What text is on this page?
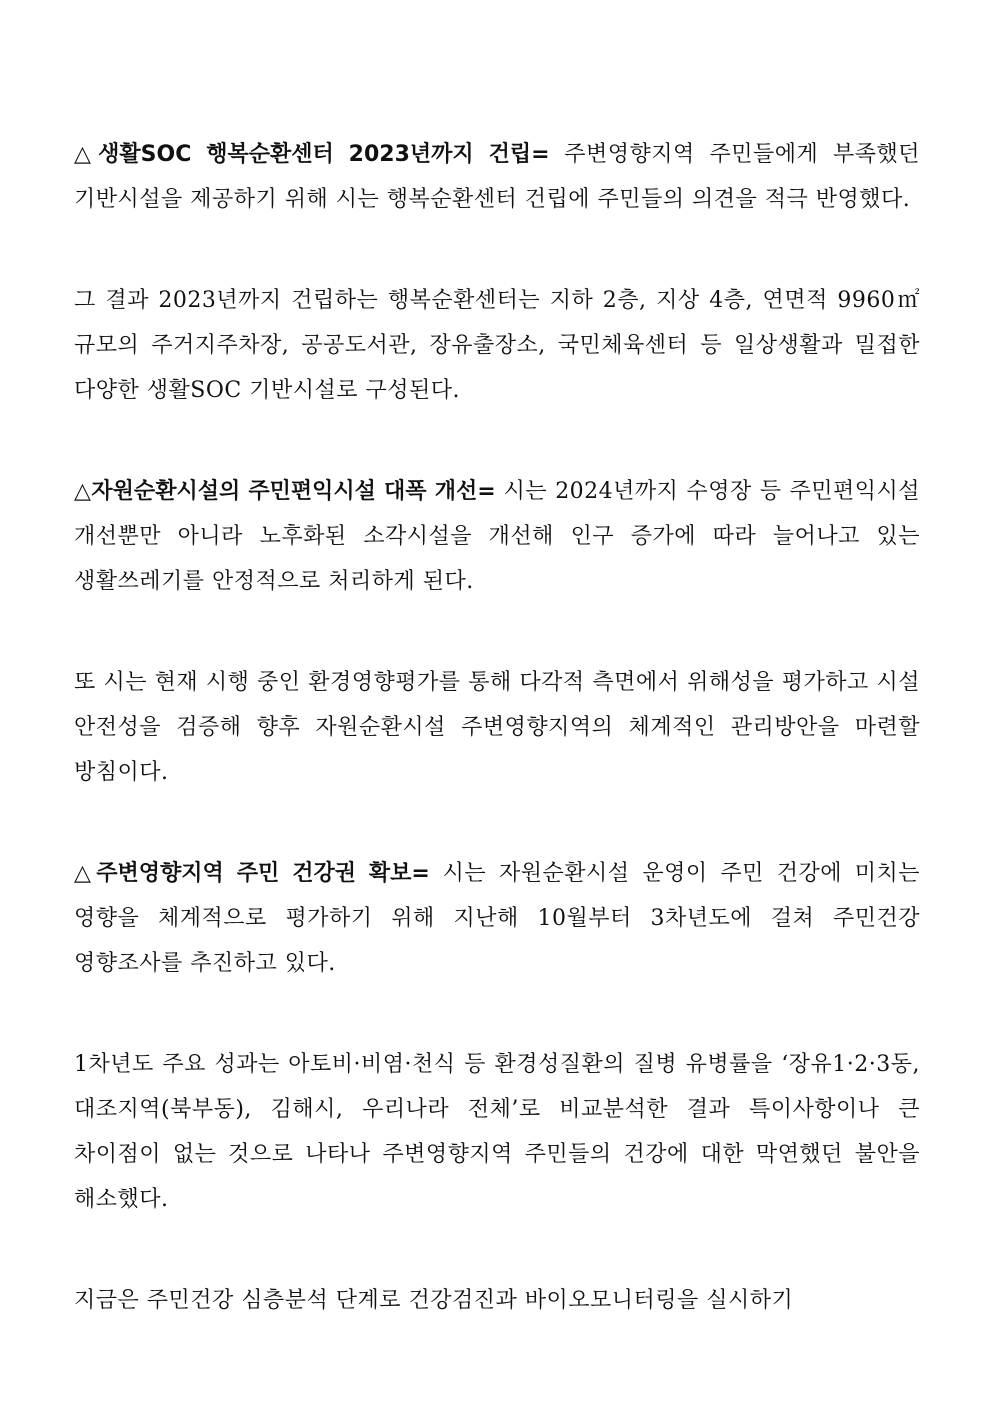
△생활SOC 행복순환센터 2023년까지 건립= 주변영향지역 주민들에게 부족했던 기반시설을 제공하기 위해 시는 행복순환센터 건립에 주민들의 의견을 적극 반영했다.

그 결과 2023년까지 건립하는 행복순환센터는 지하 2층, 지상 4층, 연면적 9960㎡ 규모의 주거지주차장, 공공도서관, 장유출장소, 국민체육센터 등 일상생활과 밀접한 다양한 생활SOC 기반시설로 구성된다.

△자원순환시설의 주민편익시설 대폭 개선= 시는 2024년까지 수영장 등 주민편익시설 개선뿐만 아니라 노후화된 소각시설을 개선해 인구 증가에 따라 늘어나고 있는 생활쓰레기를 안정적으로 처리하게 된다.

또 시는 현재 시행 중인 환경영향평가를 통해 다각적 측면에서 위해성을 평가하고 시설 안전성을 검증해 향후 자원순환시설 주변영향지역의 체계적인 관리방안을 마련할 방침이다.

△주변영향지역 주민 건강권 확보= 시는 자원순환시설 운영이 주민 건강에 미치는 영향을 체계적으로 평가하기 위해 지난해 10월부터 3차년도에 걸쳐 주민건강 영향조사를 추진하고 있다.

1차년도 주요 성과는 아토비·비염·천식 등 환경성질환의 질병 유병률을 ‘장유1·2·3동, 대조지역(북부동), 김해시, 우리나라 전체’로 비교분석한 결과 특이사항이나 큰 차이점이 없는 것으로 나타나 주변영향지역 주민들의 건강에 대한 막연했던 불안을 해소했다.

지금은 주민건강 심층분석 단계로 건강검진과 바이오모니터링을 실시하기
